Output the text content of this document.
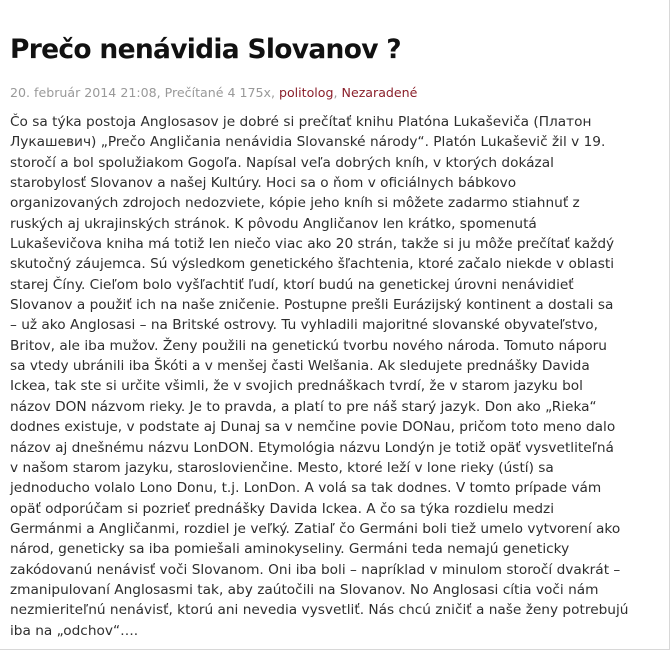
Prečo nenávidia Slovanov ?
20. február 2014 21:08, Prečítané 4 175x, politolog, Nezaradené
Čo sa týka postoja Anglosasov je dobré si prečítať knihu Platóna Lukaševiča (Платон
Лукашевич) „Prečo Angličania nenávidia Slovanské národy“. Platón Lukaševič žil v 19.
storočí a bol spolužiakom Gogoľa. Napísal veľa dobrých kníh, v ktorých dokázal
starobylosť Slovanov a našej Kultúry. Hoci sa o ňom v oficiálnych bábkovo
organizovaných zdrojoch nedozviete, kópie jeho kníh si môžete zadarmo stiahnuť z
ruských aj ukrajinských stránok. K pôvodu Angličanov len krátko, spomenutá
Lukaševičova kniha má totiž len niečo viac ako 20 strán, takže si ju môže prečítať každý
skutočný záujemca. Sú výsledkom genetického šľachtenia, ktoré začalo niekde v oblasti
starej Číny. Cieľom bolo vyšľachtiť ľudí, ktorí budú na genetickej úrovni nenávidieť
Slovanov a použiť ich na naše zničenie. Postupne prešli Eurázijský kontinent a dostali sa
– už ako Anglosasi – na Britské ostrovy. Tu vyhladili majoritné slovanské obyvateľstvo,
Britov, ale iba mužov. Ženy použili na genetickú tvorbu nového národa. Tomuto náporu
sa vtedy ubránili iba Škóti a v menšej časti Welšania. Ak sledujete prednášky Davida
Ickea, tak ste si určite všimli, že v svojich prednáškach tvrdí, že v starom jazyku bol
názov DON názvom rieky. Je to pravda, a platí to pre náš starý jazyk. Don ako „Rieka“
dodnes existuje, v podstate aj Dunaj sa v nemčine povie DONau, pričom toto meno dalo
názov aj dnešnému názvu LonDON. Etymológia názvu Londýn je totiž opäť vysvetliteľná
v našom starom jazyku, staroslovienčine. Mesto, ktoré leží v lone rieky (ústí) sa
jednoducho volalo Lono Donu, t.j. LonDon. A volá sa tak dodnes. V tomto prípade vám
opäť odporúčam si pozrieť prednášky Davida Ickea. A čo sa týka rozdielu medzi
Germánmi a Angličanmi, rozdiel je veľký. Zatiaľ čo Germáni boli tiež umelo vytvorení ako
národ, geneticky sa iba pomiešali aminokyseliny. Germáni teda nemajú geneticky
zakódovanú nenávisť voči Slovanom. Oni iba boli – napríklad v minulom storočí dvakrát –
zmanipulovaní Anglosasmi tak, aby zaútočili na Slovanov. No Anglosasi cítia voči nám
nezmieriteľnú nenávisť, ktorú ani nevedia vysvetliť. Nás chcú zničiť a naše ženy potrebujú
iba na „odchov“….
